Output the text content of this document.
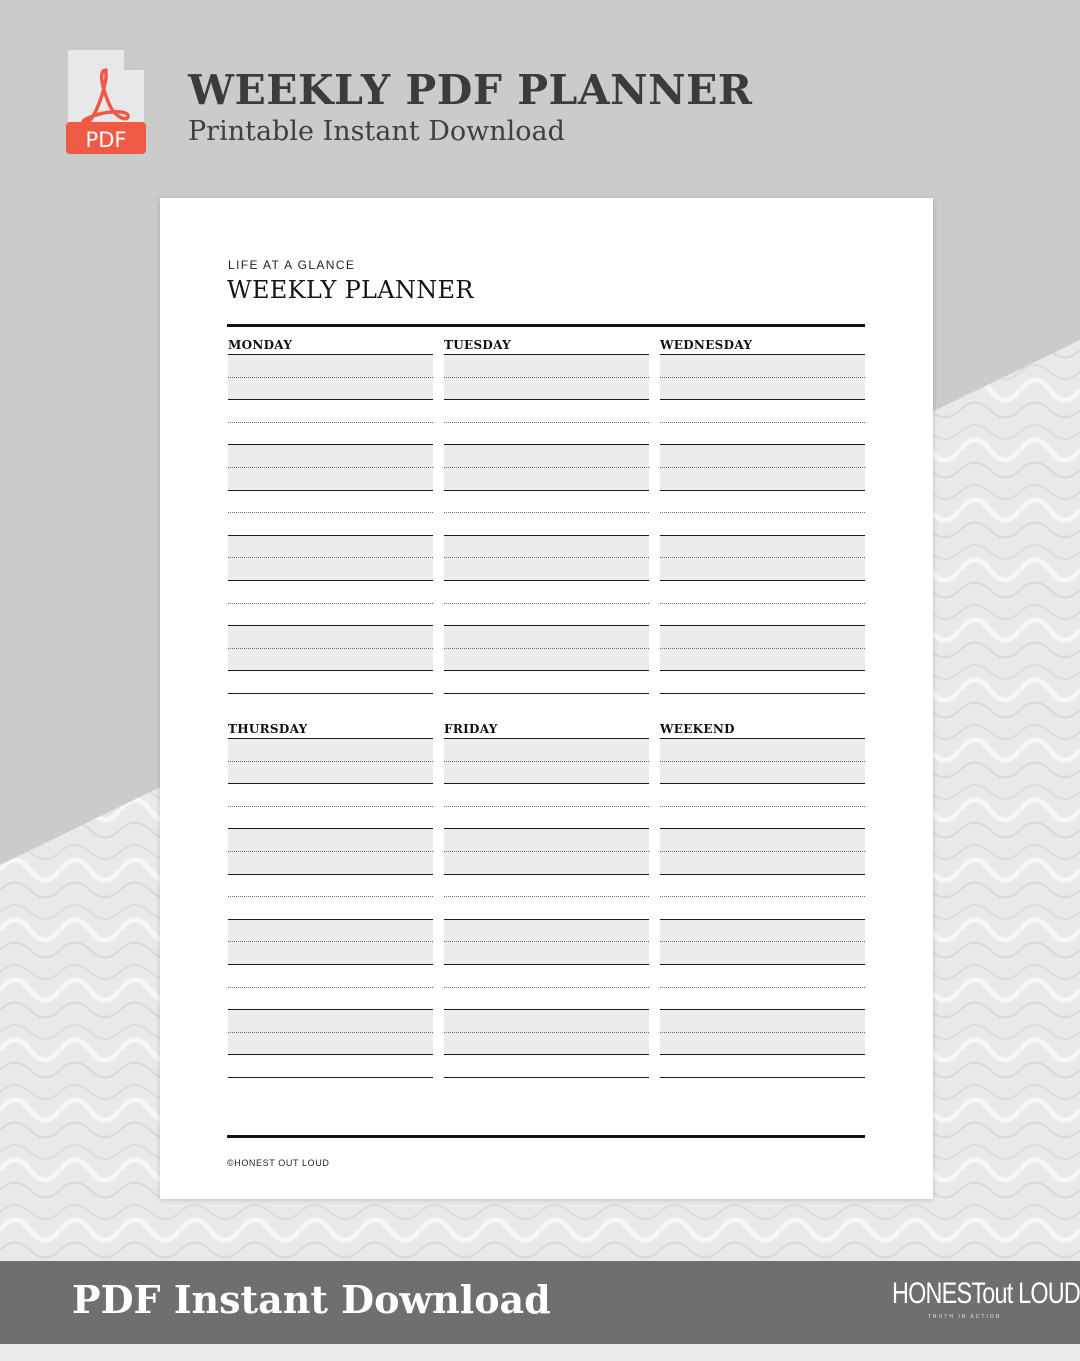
PDF
WEEKLY PDF PLANNER

Printable Instant Download

LIFE AT A GLANCE
WEEKLY PLANNER
MONDAY	TUESDAY	WEDNESDAY
THURSDAY	FRIDAY	WEEKEND
©HONEST OUT LOUD

PDF Instant Download	HONESTout LOUD
TRUTH IN ACTION
